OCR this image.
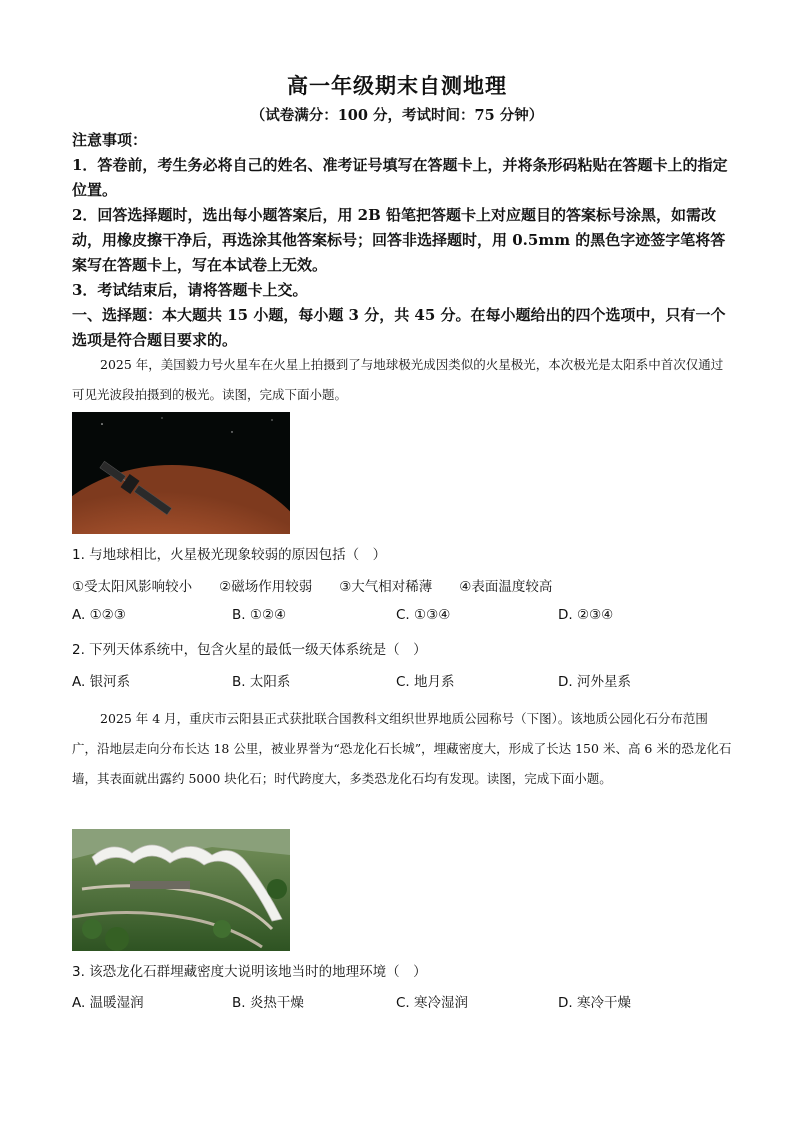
高一年级期末自测地理
（试卷满分：100 分，考试时间：75 分钟）

注意事项：

1．答卷前，考生务必将自己的姓名、准考证号填写在答题卡上，并将条形码粘贴在答题卡上的指定位置。

2．回答选择题时，选出每小题答案后，用 2B 铅笔把答题卡上对应题目的答案标号涂黑，如需改动，用橡皮擦干净后，再选涂其他答案标号；回答非选择题时，用 0.5mm 的黑色字迹签字笔将答案写在答题卡上，写在本试卷上无效。

3．考试结束后，请将答题卡上交。

一、选择题：本大题共 15 小题，每小题 3 分，共 45 分。在每小题给出的四个选项中，只有一个选项是符合题目要求的。

2025 年，美国毅力号火星车在火星上拍摄到了与地球极光成因类似的火星极光，本次极光是太阳系中首次仅通过可见光波段拍摄到的极光。读图，完成下面小题。

1. 与地球相比，火星极光现象较弱的原因包括（　）
①受太阳风影响较小　　②磁场作用较弱　　③大气相对稀薄　　④表面温度较高
A. ①②③	B. ①②④	C. ①③④	D. ②③④
2. 下列天体系统中，包含火星的最低一级天体系统是（　）
A. 银河系	B. 太阳系	C. 地月系	D. 河外星系

2025 年 4 月，重庆市云阳县正式获批联合国教科文组织世界地质公园称号（下图）。该地质公园化石分布范围广，沿地层走向分布长达 18 公里，被业界誉为“恐龙化石长城”，埋藏密度大，形成了长达 150 米、高 6 米的恐龙化石墙，其表面就出露约 5000 块化石；时代跨度大，多类恐龙化石均有发现。读图，完成下面小题。

3. 该恐龙化石群埋藏密度大说明该地当时的地理环境（　）
A. 温暖湿润	B. 炎热干燥	C. 寒冷湿润	D. 寒冷干燥
